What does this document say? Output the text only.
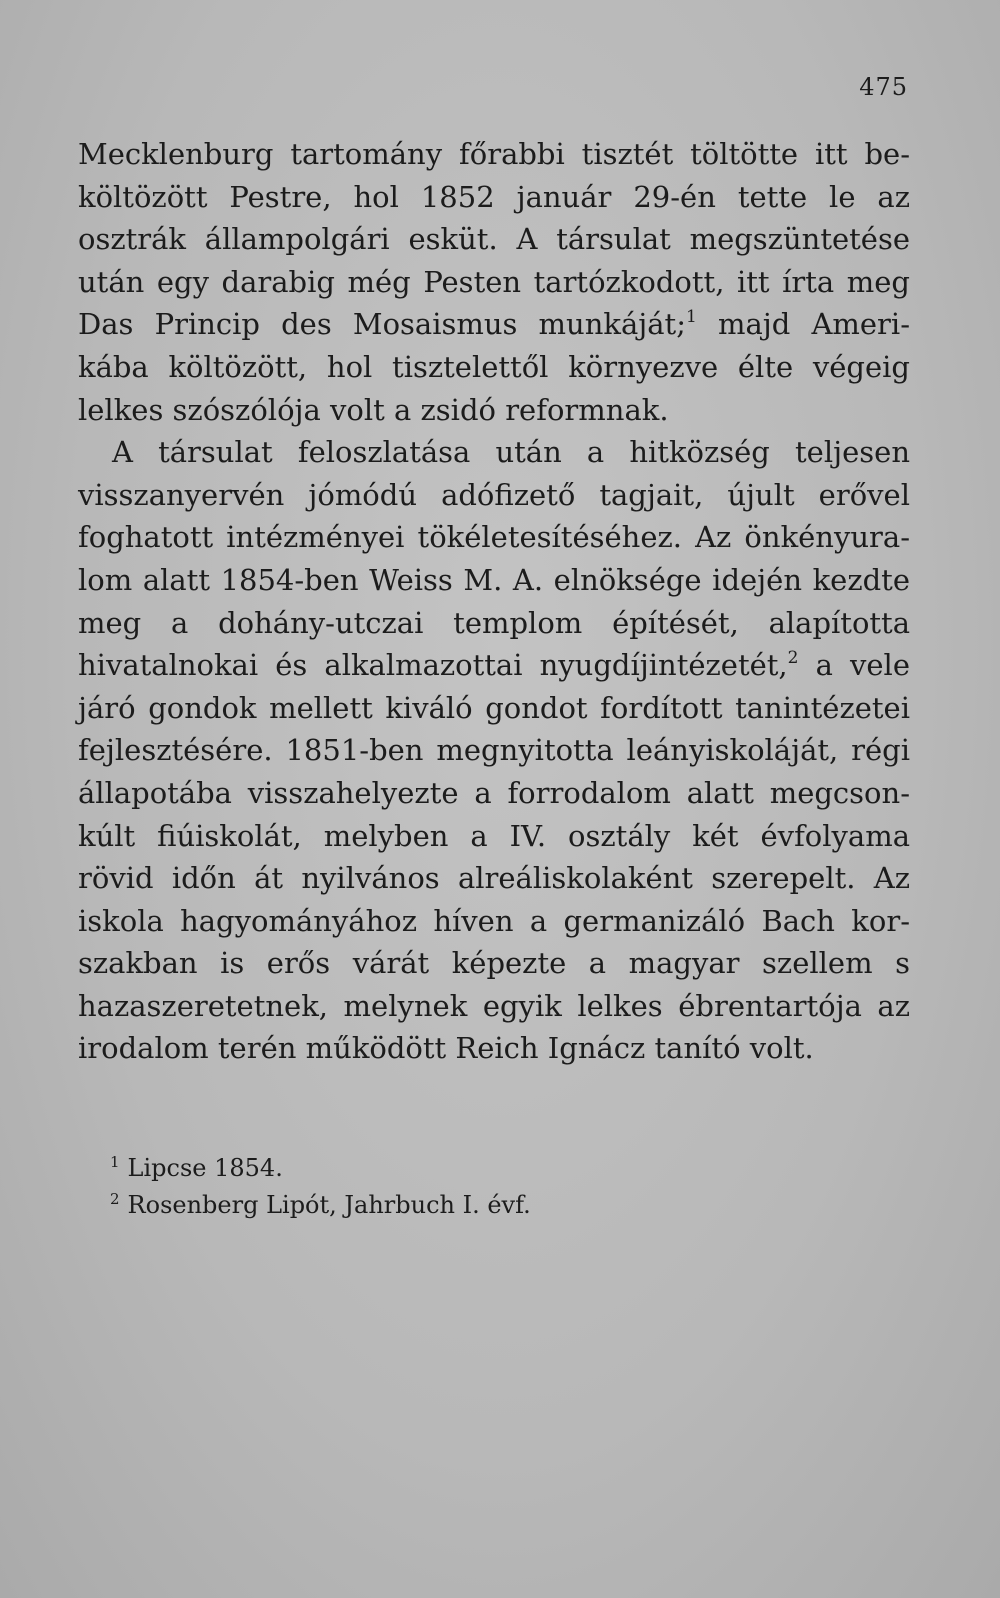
475
Mecklenburg tartomány főrabbi tisztét töltötte itt be-
költözött Pestre, hol 1852 január 29-én tette le az
osztrák állampolgári esküt. A társulat megszüntetése
után egy darabig még Pesten tartózkodott, itt írta meg
Das Princip des Mosaismus munkáját;$^1$ majd Ameri-
kába költözött, hol tisztelettől környezve élte végeig
lelkes szószólója volt a zsidó reformnak.
A társulat feloszlatása után a hitközség teljesen
visszanyervén jómódú adófizető tagjait, újult erővel
foghatott intézményei tökéletesítéséhez. Az önkényura-
lom alatt 1854-ben Weiss M. A. elnöksége idején kezdte
meg a dohány-utczai templom építését, alapította
hivatalnokai és alkalmazottai nyugdíjintézetét,$^2$ a vele
járó gondok mellett kiváló gondot fordított tanintézetei
fejlesztésére. 1851-ben megnyitotta leányiskoláját, régi
állapotába visszahelyezte a forrodalom alatt megcson-
kúlt fiúiskolát, melyben a IV. osztály két évfolyama
rövid időn át nyilvános alreáliskolaként szerepelt. Az
iskola hagyományához híven a germanizáló Bach kor-
szakban is erős várát képezte a magyar szellem s
hazaszeretetnek, melynek egyik lelkes ébrentartója az
irodalom terén működött Reich Ignácz tanító volt.
$^1$ Lipcse 1854.
$^2$ Rosenberg Lipót, Jahrbuch I. évf.
